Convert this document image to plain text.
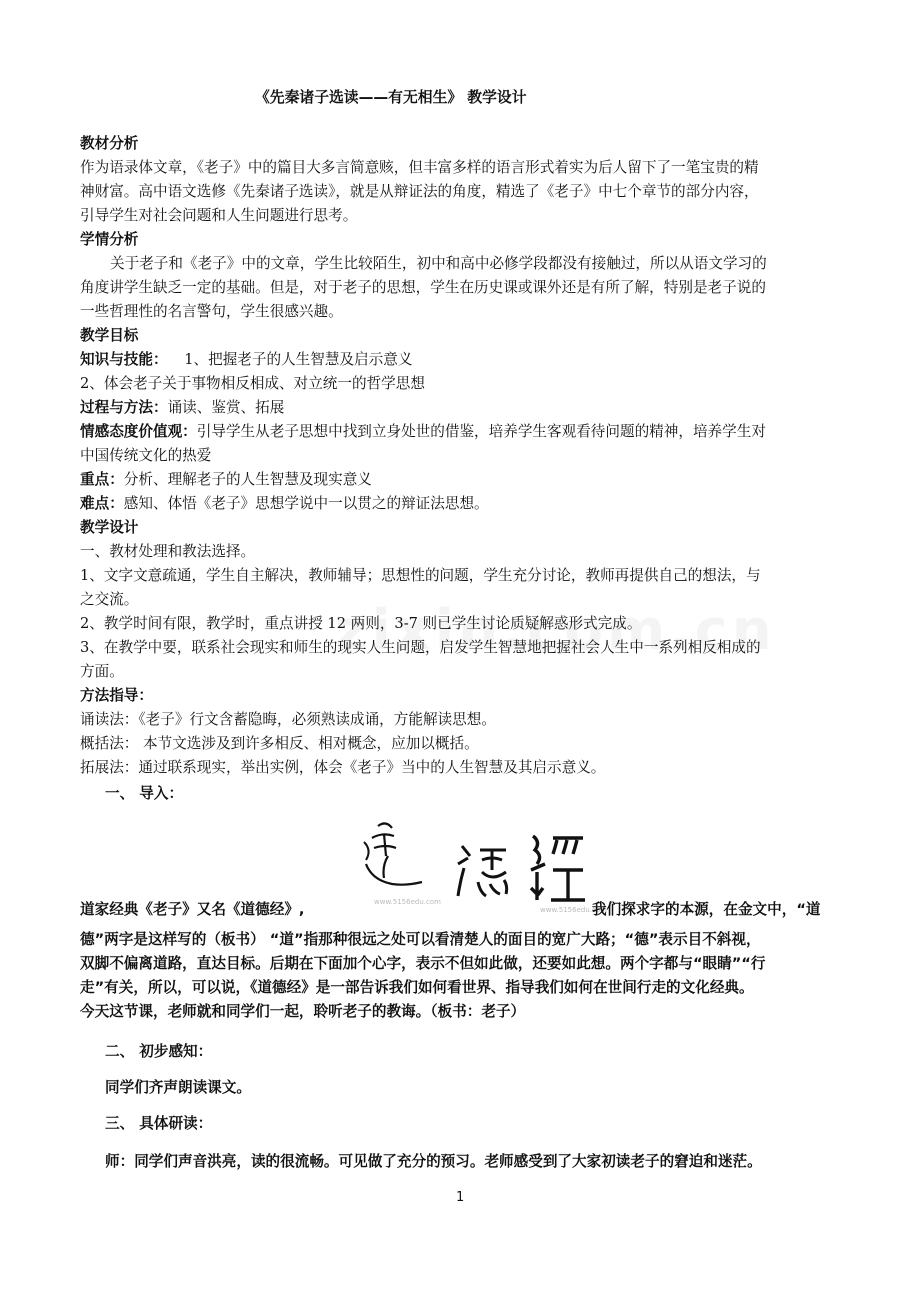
《先秦诸子选读——有无相生》 教学设计
教材分析
作为语录体文章，《老子》中的篇目大多言简意赅，但丰富多样的语言形式着实为后人留下了一笔宝贵的精
神财富。高中语文选修《先秦诸子选读》，就是从辩证法的角度，精选了《老子》中七个章节的部分内容，
引导学生对社会问题和人生问题进行思考。
学情分析
关于老子和《老子》中的文章，学生比较陌生，初中和高中必修学段都没有接触过，所以从语文学习的
角度讲学生缺乏一定的基础。但是，对于老子的思想，学生在历史课或课外还是有所了解，特别是老子说的
一些哲理性的名言警句，学生很感兴趣。
教学目标
知识与技能： 1、把握老子的人生智慧及启示意义
2、体会老子关于事物相反相成、对立统一的哲学思想
过程与方法：诵读、鉴赏、拓展
情感态度价值观：引导学生从老子思想中找到立身处世的借鉴，培养学生客观看待问题的精神，培养学生对
中国传统文化的热爱
重点：分析、理解老子的人生智慧及现实意义
难点：感知、体悟《老子》思想学说中一以贯之的辩证法思想。
教学设计
一、教材处理和教法选择。
1、文字文意疏通，学生自主解决，教师辅导；思想性的问题，学生充分讨论，教师再提供自己的想法，与
之交流。
2、教学时间有限，教学时，重点讲授 12 两则，3-7 则已学生讨论质疑解惑形式完成。
3、在教学中要，联系社会现实和师生的现实人生问题，启发学生智慧地把握社会人生中一系列相反相成的
方面。
方法指导：
诵读法：《老子》行文含蓄隐晦，必须熟读成诵，方能解读思想。
概括法： 本节文选涉及到许多相反、相对概念，应加以概括。
拓展法：通过联系现实，举出实例，体会《老子》当中的人生智慧及其启示意义。
一、 导入：
www.5156edu.com
www.5156edu.com
道家经典《老子》又名《道德经》,	我们探求字的本源，在金文中，“道
德”两字是这样写的（板书） “道”指那种很远之处可以看清楚人的面目的宽广大路；“德”表示目不斜视，
双脚不偏离道路，直达目标。后期在下面加个心字，表示不但如此做，还要如此想。两个字都与“眼睛”“行
走”有关，所以，可以说，《道德经》是一部告诉我们如何看世界、指导我们如何在世间行走的文化经典。
今天这节课，老师就和同学们一起，聆听老子的教诲。（板书：老子）
二、 初步感知：
同学们齐声朗读课文。
三、 具体研读：
师：同学们声音洪亮，读的很流畅。可见做了充分的预习。老师感受到了大家初读老子的窘迫和迷茫。
1
